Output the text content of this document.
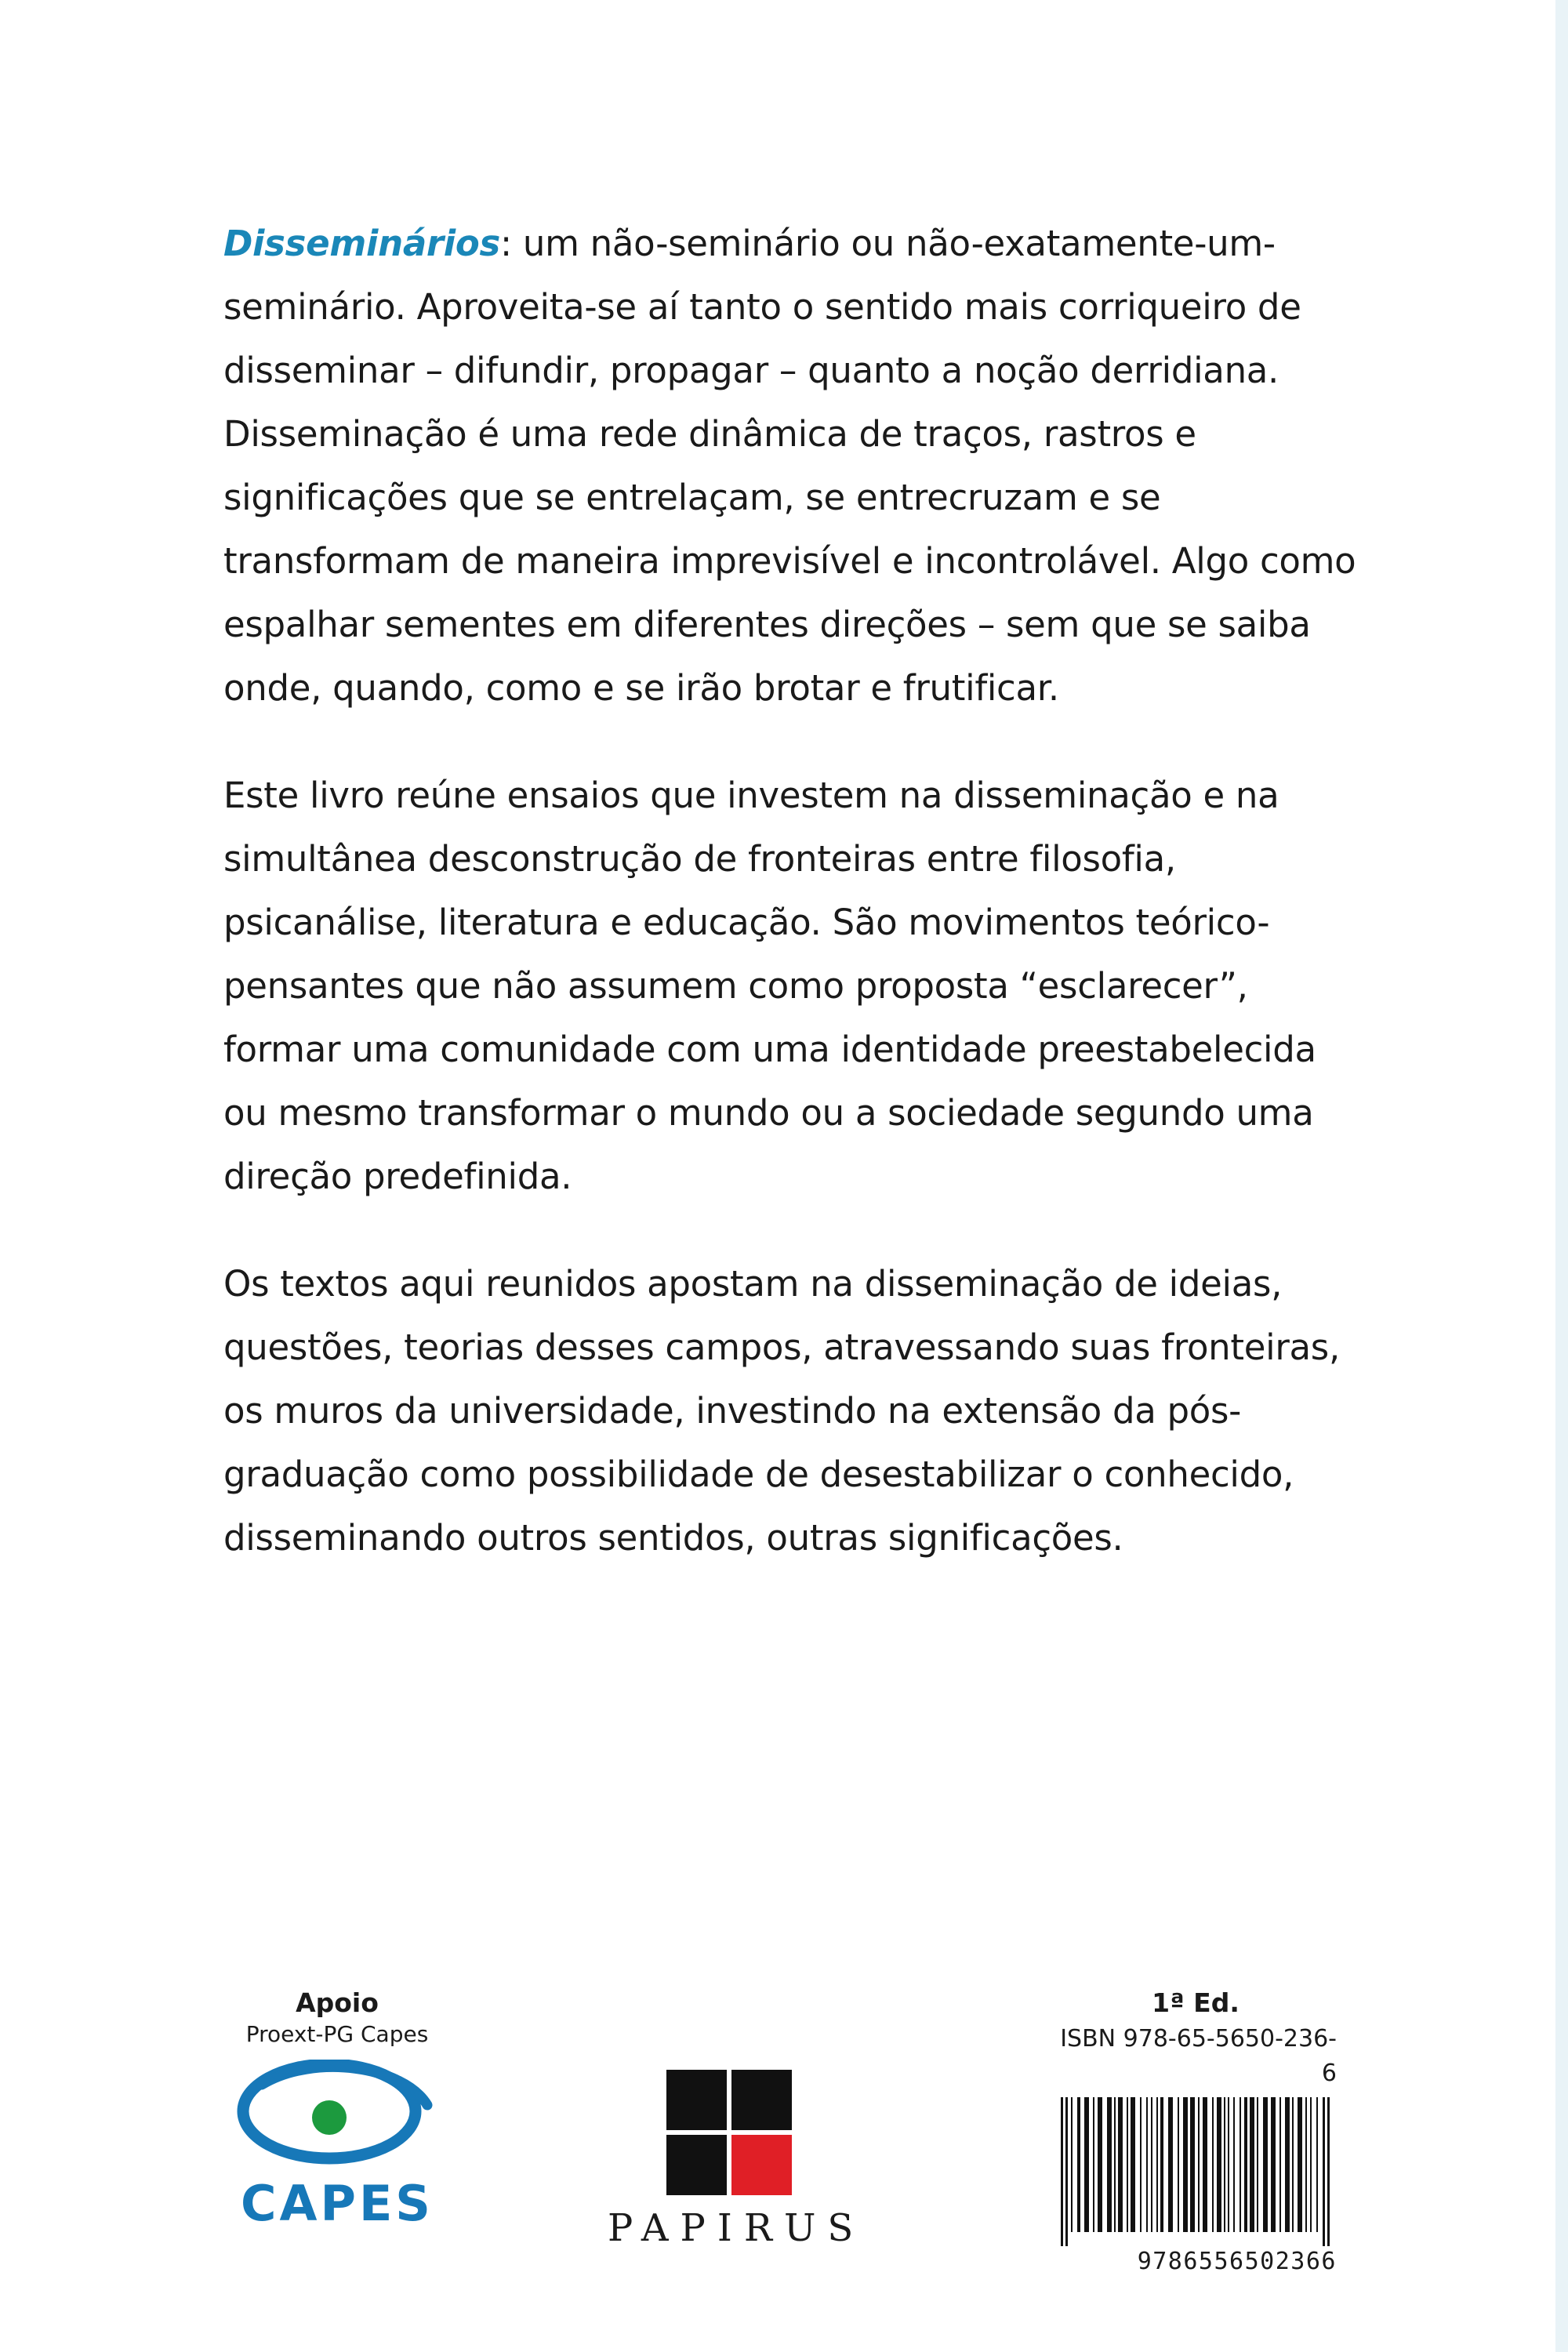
Disseminários: um não-seminário ou não-exatamente-um-seminário. Aproveita-se aí tanto o sentido mais corriqueiro de disseminar – difundir, propagar – quanto a noção derridiana. Disseminação é uma rede dinâmica de traços, rastros e significações que se entrelaçam, se entrecruzam e se transformam de maneira imprevisível e incontrolável. Algo como espalhar sementes em diferentes direções – sem que se saiba onde, quando, como e se irão brotar e frutificar.

Este livro reúne ensaios que investem na disseminação e na simultânea desconstrução de fronteiras entre filosofia, psicanálise, literatura e educação. São movimentos teórico-pensantes que não assumem como proposta “esclarecer”, formar uma comunidade com uma identidade preestabelecida ou mesmo transformar o mundo ou a sociedade segundo uma direção predefinida.

Os textos aqui reunidos apostam na disseminação de ideias, questões, teorias desses campos, atravessando suas fronteiras, os muros da universidade, investindo na extensão da pós-graduação como possibilidade de desestabilizar o conhecido, disseminando outros sentidos, outras significações.

Apoio
Proext-PG Capes
CAPES	PAPIRUS
1ª Ed.
ISBN 978-65-5650-236-6
9786556502366
